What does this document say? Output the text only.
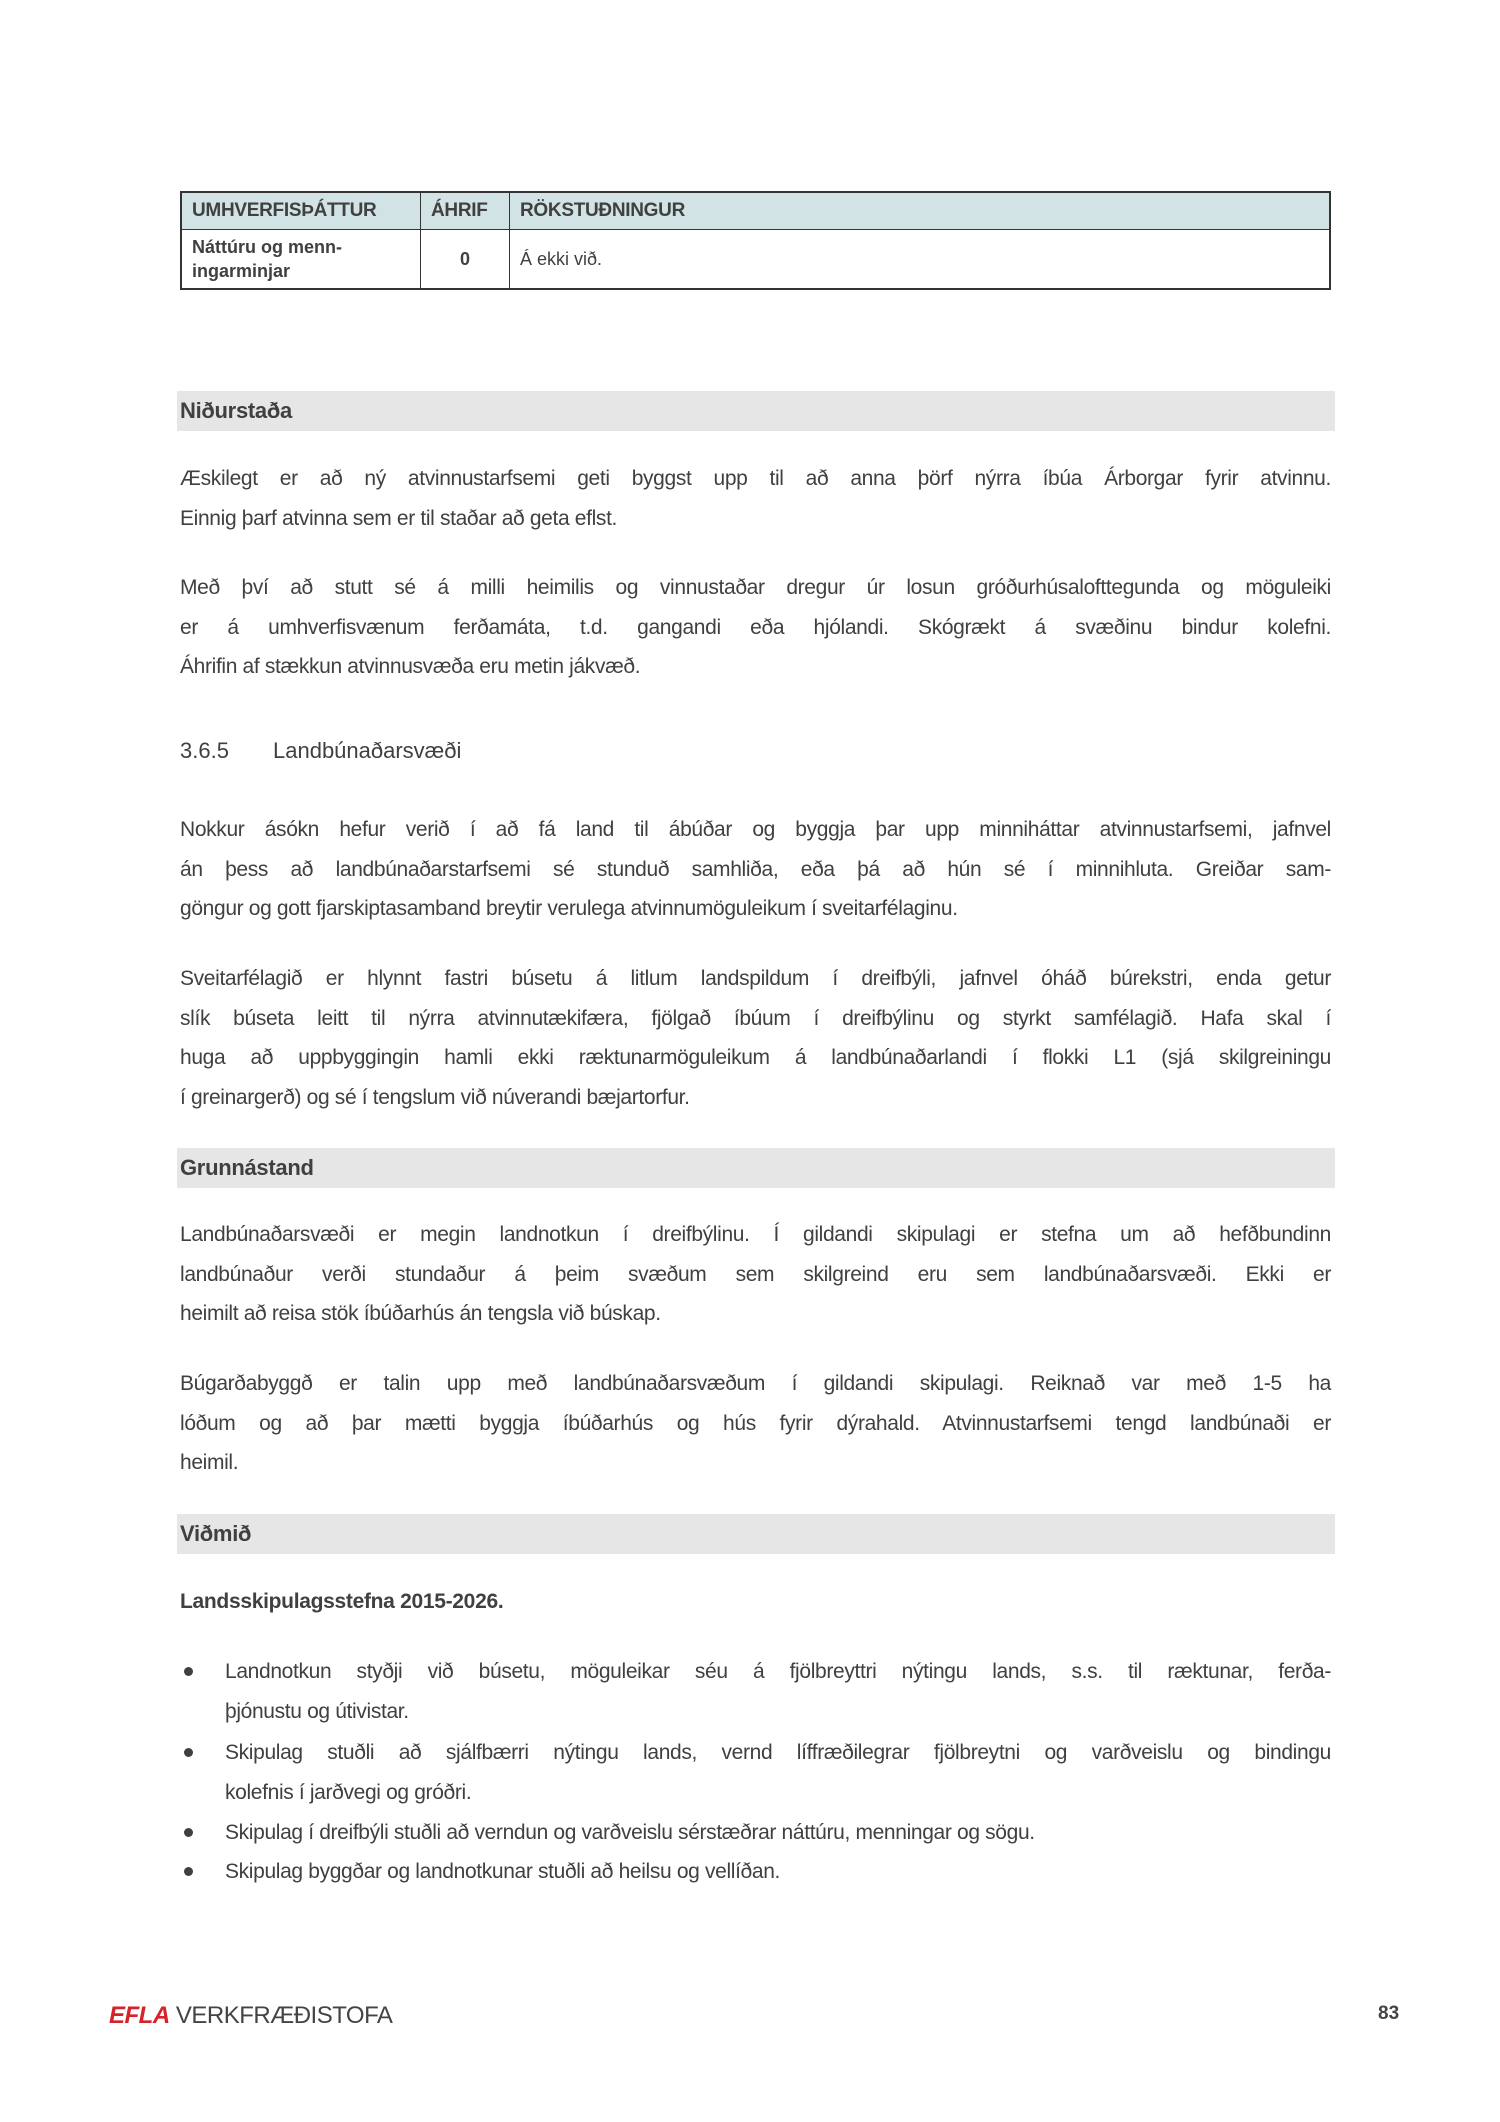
UMHVERFISÞÁTTUR	ÁHRIF	RÖKSTUÐNINGUR

Náttúru og menn-
ingarminjar	0	Á ekki við.
Niðurstaða
Æskilegt er að ný atvinnustarfsemi geti byggst upp til að anna þörf nýrra íbúa Árborgar fyrir atvinnu.
Einnig þarf atvinna sem er til staðar að geta eflst.
Með því að stutt sé á milli heimilis og vinnustaðar dregur úr losun gróðurhúsalofttegunda og möguleiki
er á umhverfisvænum ferðamáta, t.d. gangandi eða hjólandi. Skógrækt á svæðinu bindur kolefni.
Áhrifin af stækkun atvinnusvæða eru metin jákvæð.
3.6.5 Landbúnaðarsvæði
Nokkur ásókn hefur verið í að fá land til ábúðar og byggja þar upp minniháttar atvinnustarfsemi, jafnvel
án þess að landbúnaðarstarfsemi sé stunduð samhliða, eða þá að hún sé í minnihluta. Greiðar sam-
göngur og gott fjarskiptasamband breytir verulega atvinnumöguleikum í sveitarfélaginu.
Sveitarfélagið er hlynnt fastri búsetu á litlum landspildum í dreifbýli, jafnvel óháð búrekstri, enda getur
slík búseta leitt til nýrra atvinnutækifæra, fjölgað íbúum í dreifbýlinu og styrkt samfélagið. Hafa skal í
huga að uppbyggingin hamli ekki ræktunarmöguleikum á landbúnaðarlandi í flokki L1 (sjá skilgreiningu
í greinargerð) og sé í tengslum við núverandi bæjartorfur.
Grunnástand
Landbúnaðarsvæði er megin landnotkun í dreifbýlinu. Í gildandi skipulagi er stefna um að hefðbundinn
landbúnaður verði stundaður á þeim svæðum sem skilgreind eru sem landbúnaðarsvæði. Ekki er
heimilt að reisa stök íbúðarhús án tengsla við búskap.
Búgarðabyggð er talin upp með landbúnaðarsvæðum í gildandi skipulagi. Reiknað var með 1-5 ha
lóðum og að þar mætti byggja íbúðarhús og hús fyrir dýrahald. Atvinnustarfsemi tengd landbúnaði er
heimil.
Viðmið
Landsskipulagsstefna 2015-2026.
Landnotkun styðji við búsetu, möguleikar séu á fjölbreyttri nýtingu lands, s.s. til ræktunar, ferða-
þjónustu og útivistar.
Skipulag stuðli að sjálfbærri nýtingu lands, vernd líffræðilegrar fjölbreytni og varðveislu og bindingu
kolefnis í jarðvegi og gróðri.
Skipulag í dreifbýli stuðli að verndun og varðveislu sérstæðrar náttúru, menningar og sögu.
Skipulag byggðar og landnotkunar stuðli að heilsu og vellíðan.
EFLA VERKFRÆÐISTOFA	83
